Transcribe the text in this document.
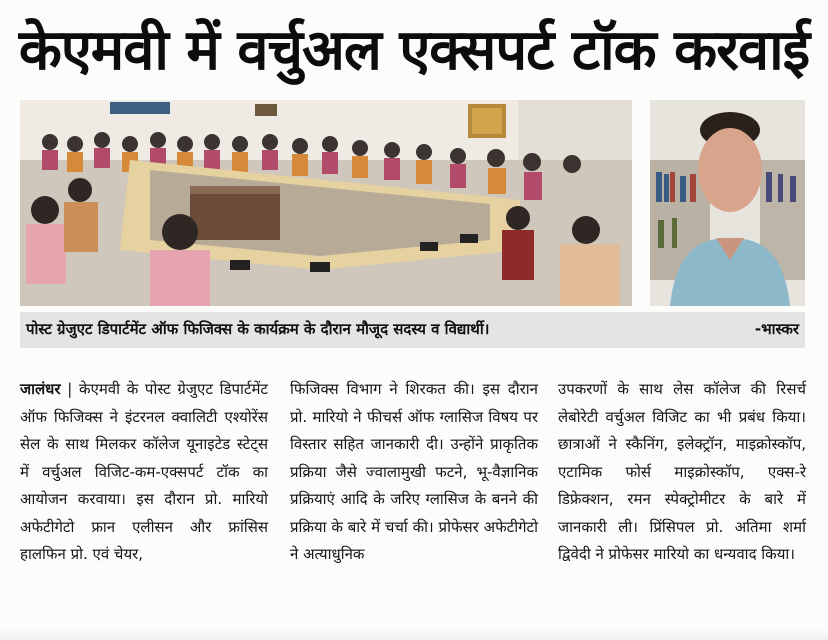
केएमवी में वर्चुअल एक्सपर्ट टॉक करवाई
पोस्ट ग्रेजुएट डिपार्टमेंट ऑफ फिजिक्स के कार्यक्रम के दौरान मौजूद सदस्य व विद्यार्थी।	-भास्कर
जालंधर | केएमवी के पोस्ट ग्रेजुएट डिपार्टमेंट ऑफ फिजिक्स ने इंटरनल क्वालिटी एश्योरेंस सेल के साथ मिलकर कॉलेज यूनाइटेड स्टेट्स में वर्चुअल विजिट-कम-एक्सपर्ट टॉक का आयोजन करवाया। इस दौरान प्रो. मारियो अफेटीगेटो फ्रान एलीसन और फ्रांसिस हालफिन प्रो. एवं चेयर,
फिजिक्स विभाग ने शिरकत की। इस दौरान प्रो. मारियो ने फीचर्स ऑफ ग्लासिज विषय पर विस्तार सहित जानकारी दी। उन्होंने प्राकृतिक प्रक्रिया जैसे ज्वालामुखी फटने, भू-वैज्ञानिक प्रक्रियाएं आदि के जरिए ग्लासिज के बनने की प्रक्रिया के बारे में चर्चा की। प्रोफेसर अफेटीगेटो ने अत्याधुनिक
उपकरणों के साथ लेस कॉलेज की रिसर्च लेबोरेटी वर्चुअल विजिट का भी प्रबंध किया। छात्राओं ने स्कैनिंग, इलेक्ट्रॉन, माइक्रोस्कॉप, एटामिक फोर्स माइक्रोस्कॉप, एक्स-रे डिफ्रेक्शन, रमन स्पेक्ट्रोमीटर के बारे में जानकारी ली। प्रिंसिपल प्रो. अतिमा शर्मा द्विवेदी ने प्रोफेसर मारियो का धन्यवाद किया।
